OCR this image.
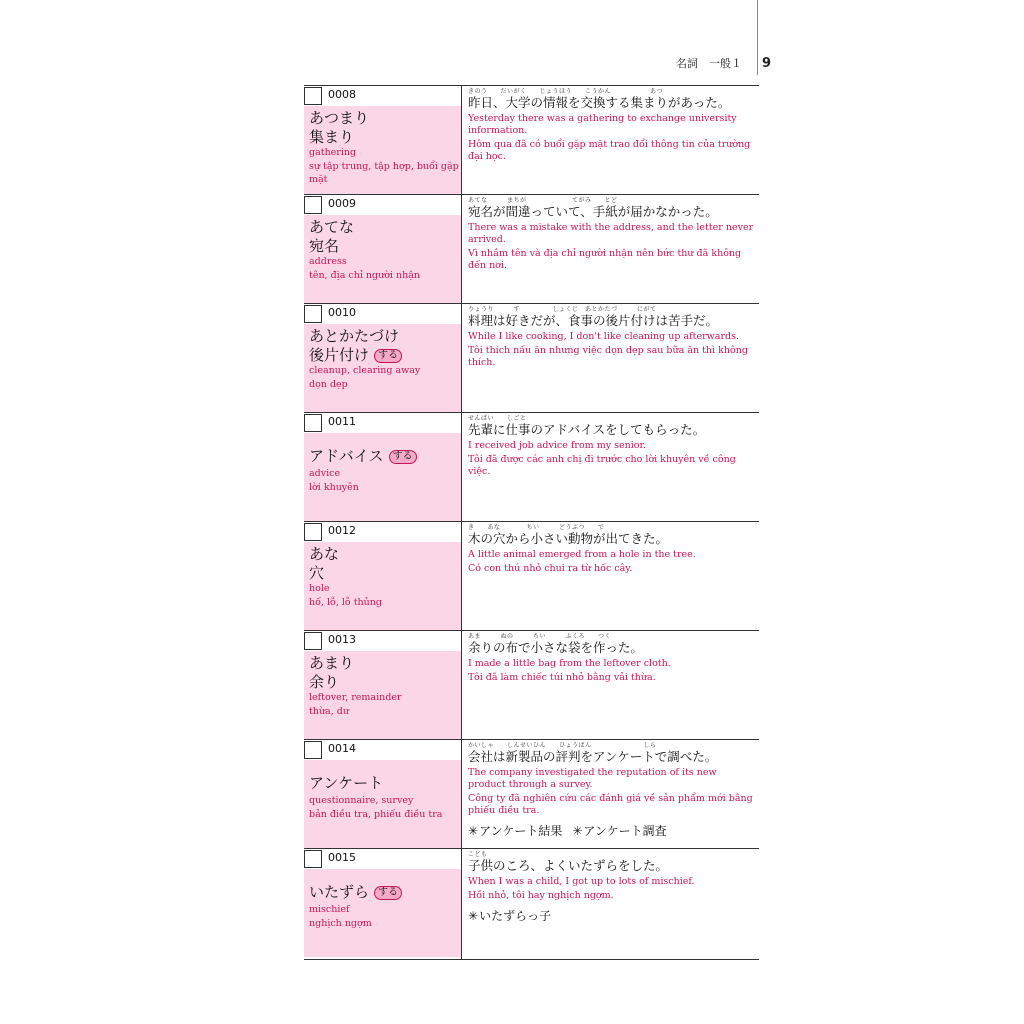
名詞　一般１ 9
0008
あつまり
集まり
gathering
sự tập trung, tập hợp, buổi gặp mặt
きのう　　だいがく　　じょうほう　　こうかん　　　　　　あつ
昨日、大学の情報を交換する集まりがあった。
Yesterday there was a gathering to exchange university information.
Hôm qua đã có buổi gặp mặt trao đổi thông tin của trường đại học.
0009
あてな
宛名
address
tên, địa chỉ người nhận
あてな　　　まちが　　　　　　　てがみ　　とど
宛名が間違っていて、手紙が届かなかった。
There was a mistake with the address, and the letter never arrived.
Vì nhầm tên và địa chỉ người nhận nên bức thư đã không đến nơi.
0010
あとかたづけ
後片付け する
cleanup, clearing away
dọn dẹp
りょうり　　　す　　　　　しょくじ　あとかたづ　　　にがて
料理は好きだが、食事の後片付けは苦手だ。
While I like cooking, I don't like cleaning up afterwards.
Tôi thích nấu ăn nhưng việc dọn dẹp sau bữa ăn thì không thích.
0011
アドバイス する
advice
lời khuyên
せんぱい　　しごと
先輩に仕事のアドバイスをしてもらった。
I received job advice from my senior.
Tôi đã được các anh chị đi trước cho lời khuyên về công việc.
0012
あな
穴
hole
hố, lỗ, lỗ thủng
き　　あな　　　　ちい　　　どうぶつ　　で
木の穴から小さい動物が出てきた。
A little animal emerged from a hole in the tree.
Có con thú nhỏ chui ra từ hốc cây.
0013
あまり
余り
leftover, remainder
thừa, dư
あま　　　ぬの　　　ちい　　　ふくろ　　つく
余りの布で小さな袋を作った。
I made a little bag from the leftover cloth.
Tôi đã làm chiếc túi nhỏ bằng vải thừa.
0014
アンケート
questionnaire, survey
bản điều tra, phiếu điều tra
かいしゃ　　しんせいひん　　ひょうばん　　　　　　　　しら
会社は新製品の評判をアンケートで調べた。
The company investigated the reputation of its new product through a survey.
Công ty đã nghiên cứu các đánh giá về sản phẩm mới bằng phiếu điều tra.
✳アンケート結果 ✳アンケート調査
0015
いたずら する
mischief
nghịch ngợm
こども
子供のころ、よくいたずらをした。
When I was a child, I got up to lots of mischief.
Hồi nhỏ, tôi hay nghịch ngợm.
✳いたずらっ子
